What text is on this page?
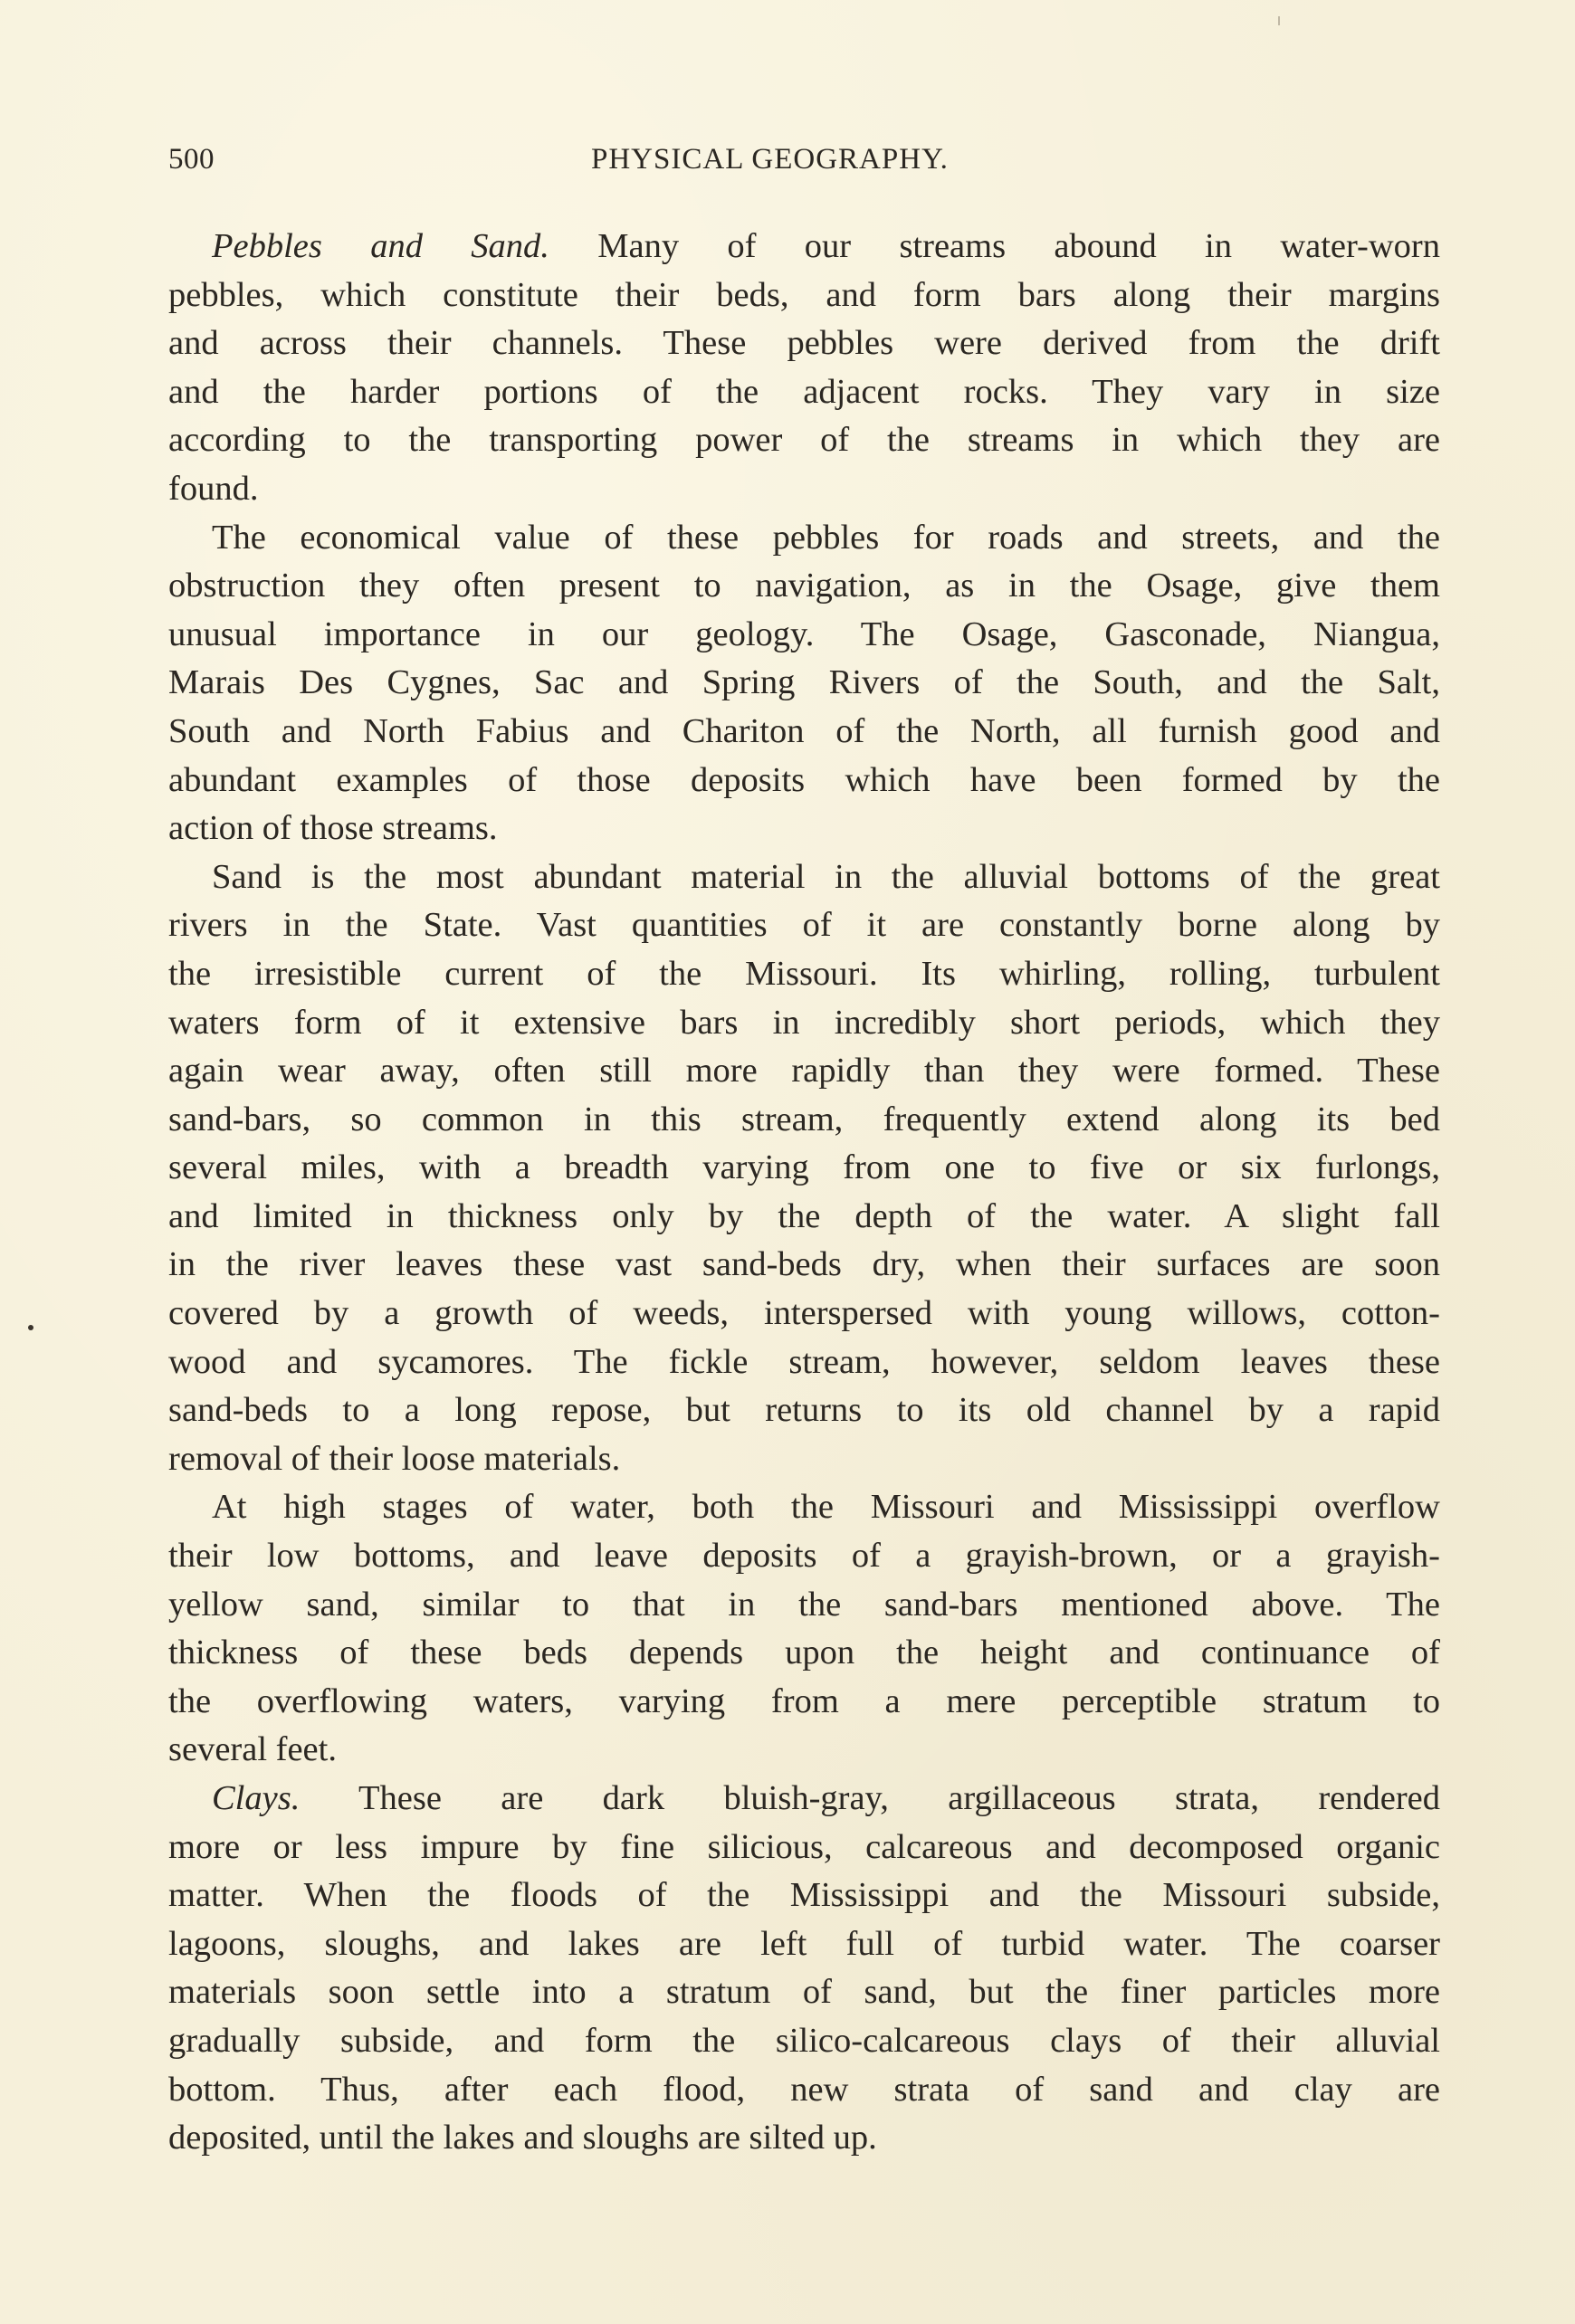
500	PHYSICAL GEOGRAPHY.

Pebbles and Sand. Many of our streams abound in water-worn
pebbles, which constitute their beds, and form bars along their margins
and across their channels. These pebbles were derived from the drift
and the harder portions of the adjacent rocks. They vary in size
according to the transporting power of the streams in which they are
found.

The economical value of these pebbles for roads and streets, and the
obstruction they often present to navigation, as in the Osage, give them
unusual importance in our geology. The Osage, Gasconade, Niangua,
Marais Des Cygnes, Sac and Spring Rivers of the South, and the Salt,
South and North Fabius and Chariton of the North, all furnish good and
abundant examples of those deposits which have been formed by the
action of those streams.

Sand is the most abundant material in the alluvial bottoms of the great
rivers in the State. Vast quantities of it are constantly borne along by
the irresistible current of the Missouri. Its whirling, rolling, turbulent
waters form of it extensive bars in incredibly short periods, which they
again wear away, often still more rapidly than they were formed. These
sand-bars, so common in this stream, frequently extend along its bed
several miles, with a breadth varying from one to five or six furlongs,
and limited in thickness only by the depth of the water. A slight fall
in the river leaves these vast sand-beds dry, when their surfaces are soon
covered by a growth of weeds, interspersed with young willows, cotton-
wood and sycamores. The fickle stream, however, seldom leaves these
sand-beds to a long repose, but returns to its old channel by a rapid
removal of their loose materials.

At high stages of water, both the Missouri and Mississippi overflow
their low bottoms, and leave deposits of a grayish-brown, or a grayish-
yellow sand, similar to that in the sand-bars mentioned above. The
thickness of these beds depends upon the height and continuance of
the overflowing waters, varying from a mere perceptible stratum to
several feet.

Clays. These are dark bluish-gray, argillaceous strata, rendered
more or less impure by fine silicious, calcareous and decomposed organic
matter. When the floods of the Mississippi and the Missouri subside,
lagoons, sloughs, and lakes are left full of turbid water. The coarser
materials soon settle into a stratum of sand, but the finer particles more
gradually subside, and form the silico-calcareous clays of their alluvial
bottom. Thus, after each flood, new strata of sand and clay are
deposited, until the lakes and sloughs are silted up.
